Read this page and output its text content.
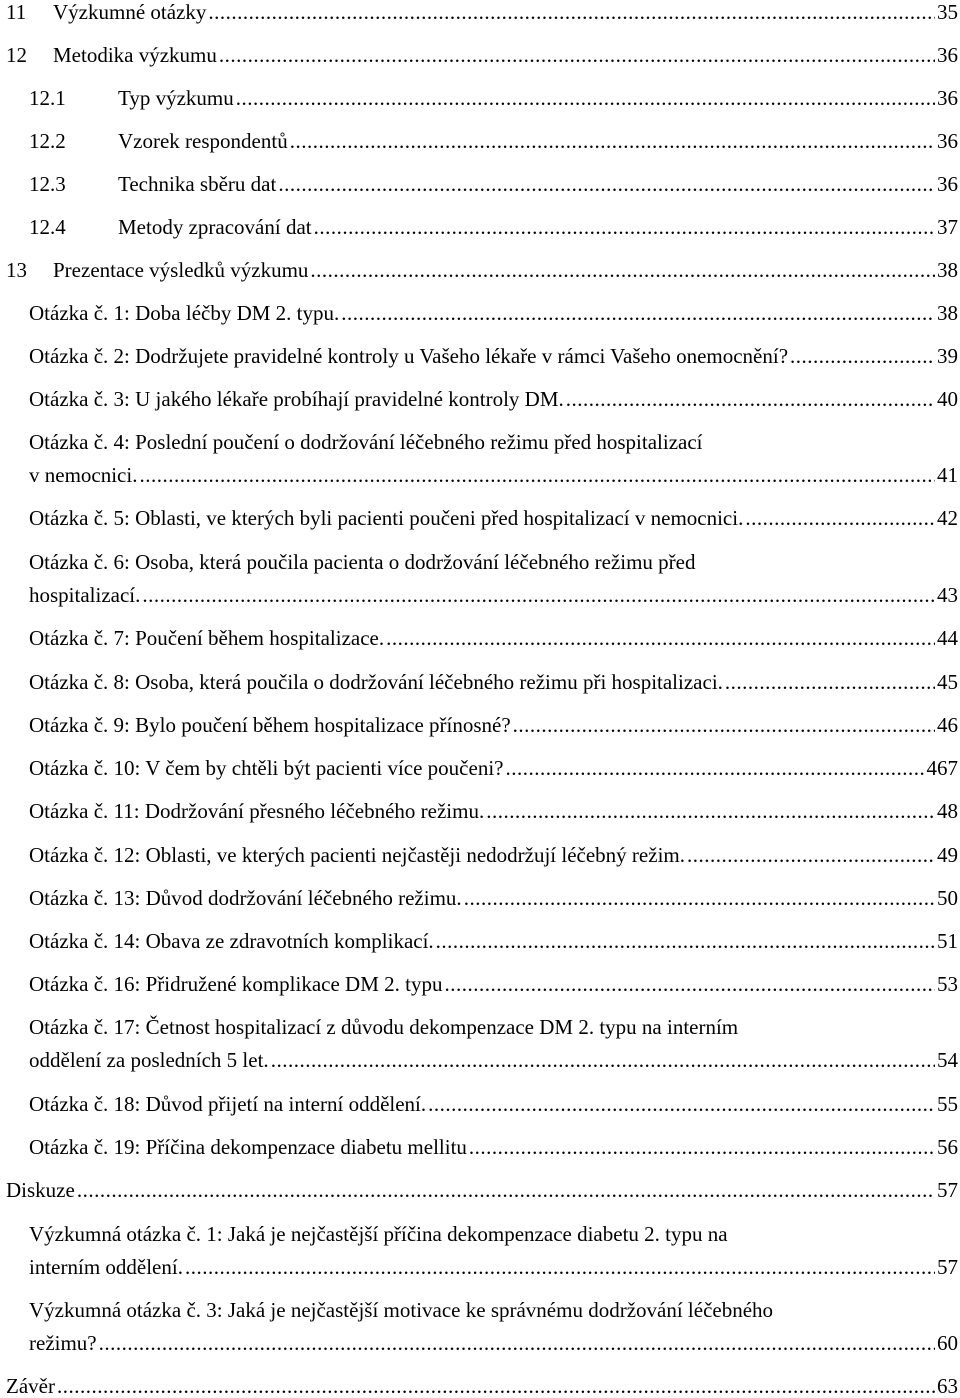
11	Výzkumné otázky .....	35
12	Metodika výzkumu .....	36
12.1	Typ výzkumu .....	36
12.2	Vzorek respondentů .....	36
12.3	Technika sběru dat .....	36
12.4	Metody zpracování dat .....	37
13	Prezentace výsledků výzkumu .....	38
Otázka č. 1: Doba léčby DM 2. typu. .....	38
Otázka č. 2: Dodržujete pravidelné kontroly u Vašeho lékaře v rámci Vašeho onemocnění? .....	39
Otázka č. 3: U jakého lékaře probíhají pravidelné kontroly DM. .....	40
Otázka č. 4: Poslední poučení o dodržování léčebného režimu před hospitalizací
v nemocnici. .....	41
Otázka č. 5: Oblasti, ve kterých byli pacienti poučeni před hospitalizací v nemocnici. .....	42
Otázka č. 6: Osoba, která poučila pacienta o dodržování léčebného režimu před
hospitalizací. .....	43
Otázka č. 7: Poučení během hospitalizace. .....	44
Otázka č. 8: Osoba, která poučila o dodržování léčebného režimu při hospitalizaci. .....	45
Otázka č. 9: Bylo poučení během hospitalizace přínosné? .....	46
Otázka č. 10: V čem by chtěli být pacienti více poučeni? .....	467
Otázka č. 11: Dodržování přesného léčebného režimu. .....	48
Otázka č. 12: Oblasti, ve kterých pacienti nejčastěji nedodržují léčebný režim. .....	49
Otázka č. 13: Důvod dodržování léčebného režimu. .....	50
Otázka č. 14: Obava ze zdravotních komplikací. .....	51
Otázka č. 16: Přidružené komplikace DM 2. typu .....	53
Otázka č. 17: Četnost hospitalizací z důvodu dekompenzace DM 2. typu na interním
oddělení za posledních 5 let. .....	54
Otázka č. 18: Důvod přijetí na interní oddělení. .....	55
Otázka č. 19: Příčina dekompenzace diabetu mellitu .....	56
Diskuze .....	57
Výzkumná otázka č. 1: Jaká je nejčastější příčina dekompenzace diabetu 2. typu na
interním oddělení. .....	57
Výzkumná otázka č. 3: Jaká je nejčastější motivace ke správnému dodržování léčebného
režimu? .....	60
Závěr .....	63
